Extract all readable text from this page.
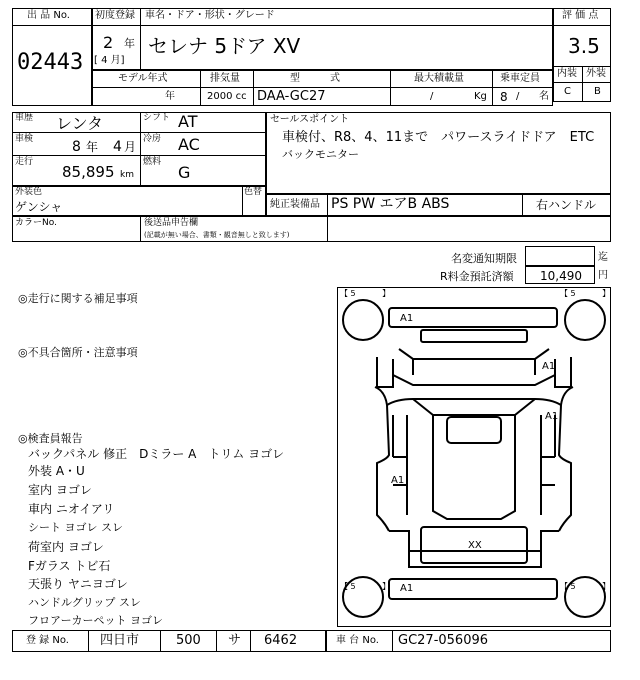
出 品 No.
02443
初度登録 車名・ドア・形状・グレード
2 年
[ 4 月]
セレナ 5ドア XV
評 価 点
3.5
内装 外装
C B
モデル年式	排気量	型　　　式	最大積載量	乗車定員
年	2000 cc DAA-GC27	/	Kg 8 / 名
車歴 レンタ
車検	8 年 4 月
走行
85,895 km
シフト AT
冷房 AC
燃料
G
セールスポイント
車検付、R8、4、11まで　パワースライドドア　ETC
バックモニター
外装色
ゲンシャ
色替
純正装備品 PS PW エアB ABS	右ハンドル
カラーNo.	後送品申告欄
(記載が無い場合、書類・観音無しと致します)
名変通知期限	迄
R料金預託済額 10,490 円
◎走行に関する補足事項
◎不具合箇所・注意事項
◎検査員報告
バックパネル 修正　Dミラー A　トリム ヨゴレ
外装 A・U
室内 ヨゴレ
車内 ニオイアリ
シート ヨゴレ スレ
荷室内 ヨゴレ
Fガラス トビ石
天張り ヤニヨゴレ
ハンドルグリップ スレ
フロアーカーペット ヨゴレ
【 5 　　　】	【 5 　　　】
【 5 　　　】	【 5 　　　】
A1
A1
A1
A1
XX
A1
登 録 No. 四日市	500 サ 6462	車 台 No. GC27-056096
